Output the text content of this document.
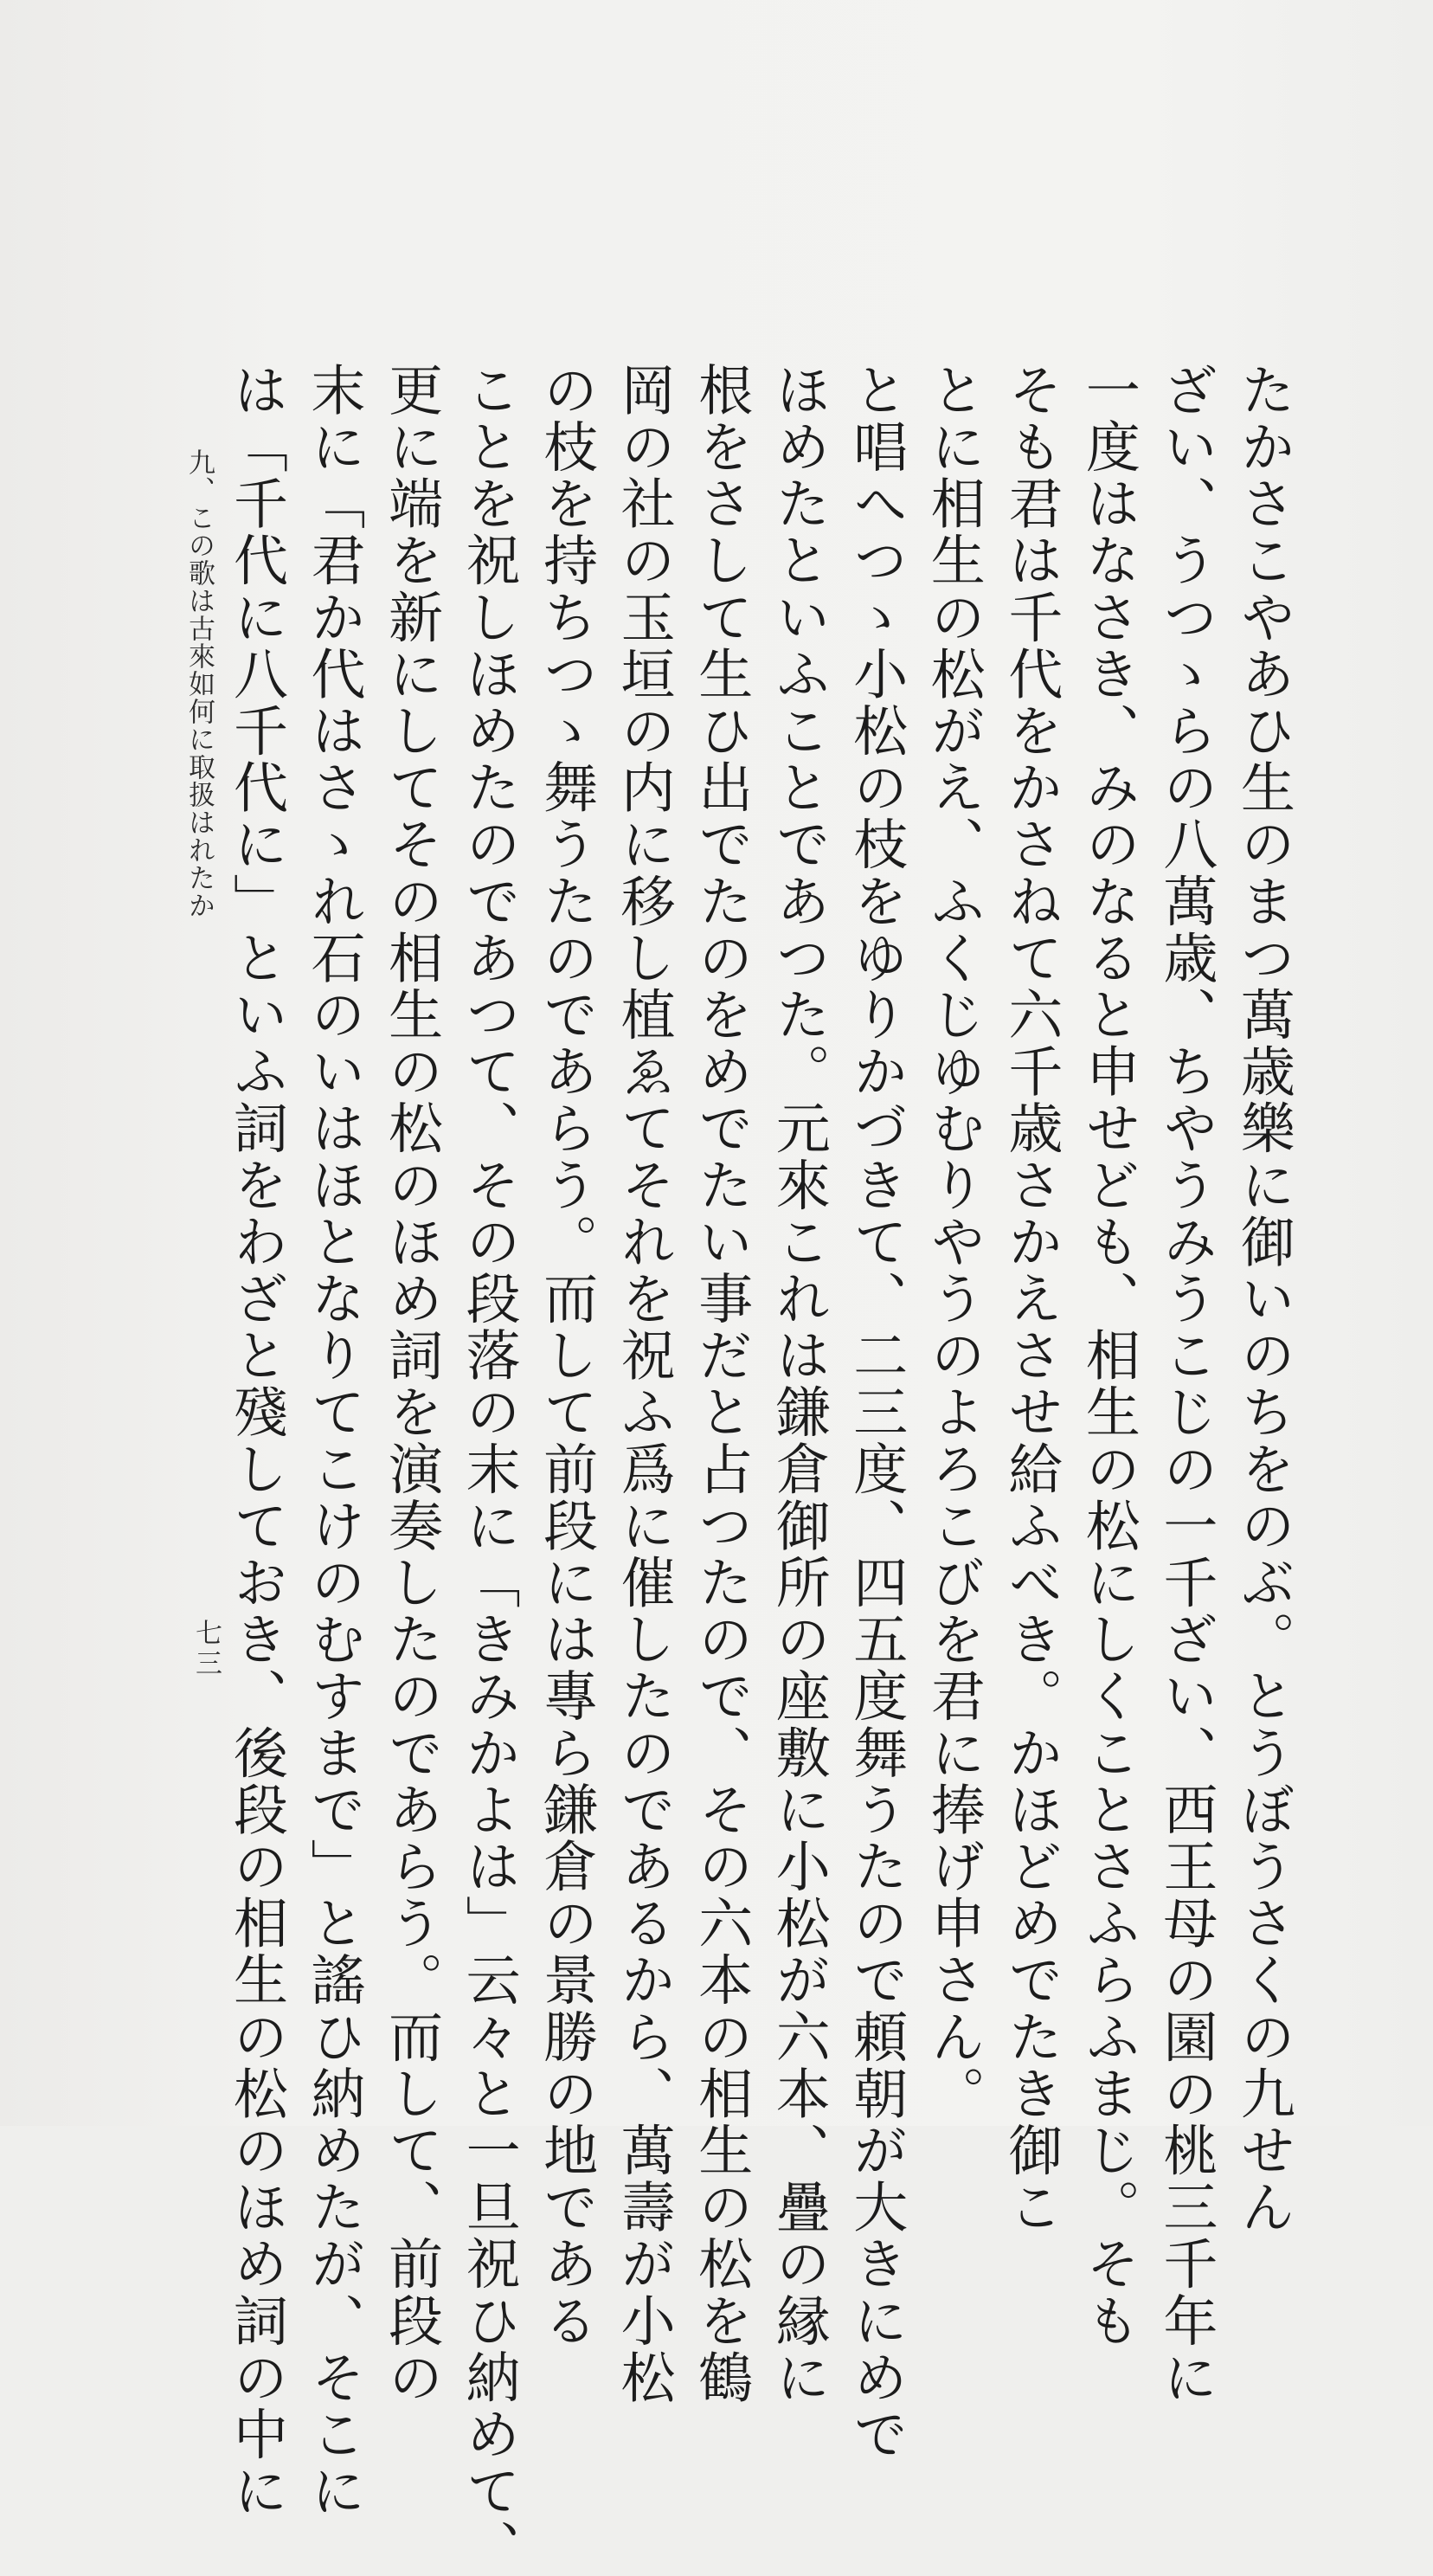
たかさこやあひ生のまつ萬歳樂に御いのちをのぶ。とうぼうさくの九せん
ざい、うつゝらの八萬歳、ちやうみうこじの一千ざい、西王母の園の桃三千年に
一度はなさき、みのなると申せども、相生の松にしくことさふらふまじ。そも
そも君は千代をかさねて六千歳さかえさせ給ふべき。かほどめでたき御こ
とに相生の松がえ、ふくじゆむりやうのよろこびを君に捧げ申さん。
と唱へつゝ小松の枝をゆりかづきて、二三度、四五度舞うたので頼朝が大きにめで
ほめたといふことであつた。元來これは鎌倉御所の座敷に小松が六本、疊の縁に
根をさして生ひ出でたのをめでたい事だと占つたので、その六本の相生の松を鶴
岡の社の玉垣の内に移し植ゑてそれを祝ふ爲に催したのであるから、萬壽が小松
の枝を持ちつゝ舞うたのであらう。而して前段には專ら鎌倉の景勝の地である
ことを祝しほめたのであつて、その段落の末に「きみかよは」云々と一旦祝ひ納めて、
更に端を新にしてその相生の松のほめ詞を演奏したのであらう。而して、前段の
末に「君か代はさゝれ石のいはほとなりてこけのむすまで」と謠ひ納めたが、そこに
は「千代に八千代に」といふ詞をわざと殘しておき、後段の相生の松のほめ詞の中に
九、この歌は古來如何に取扱はれたか
七三
